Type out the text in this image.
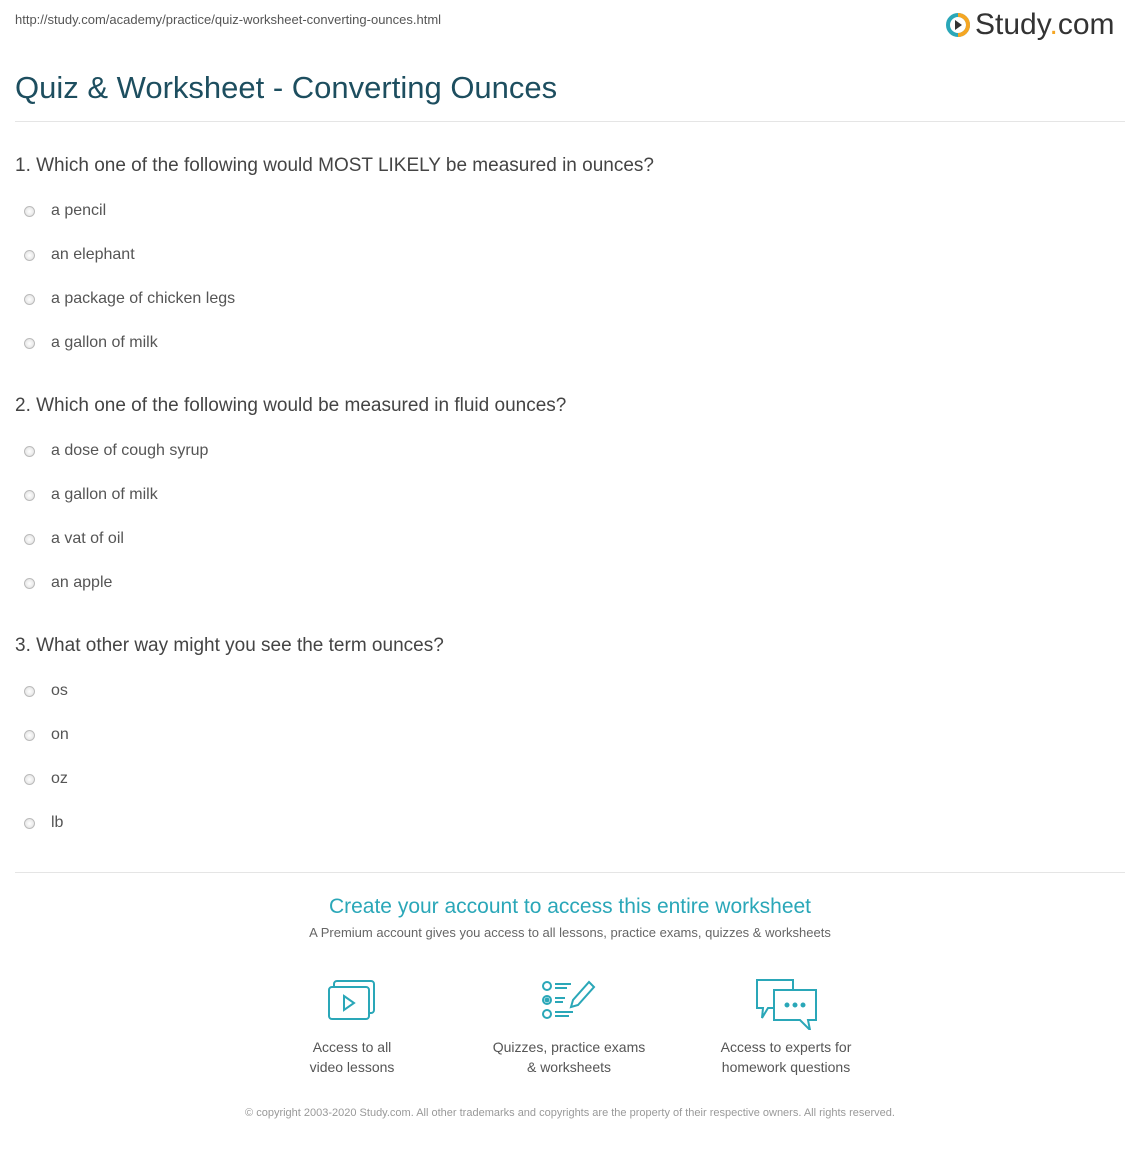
http://study.com/academy/practice/quiz-worksheet-converting-ounces.html	Study.com
Quiz & Worksheet - Converting Ounces
1. Which one of the following would MOST LIKELY be measured in ounces?
a pencil
an elephant
a package of chicken legs
a gallon of milk
2. Which one of the following would be measured in fluid ounces?
a dose of cough syrup
a gallon of milk
a vat of oil
an apple
3. What other way might you see the term ounces?
os
on
oz
lb
Create your account to access this entire worksheet
A Premium account gives you access to all lessons, practice exams, quizzes & worksheets
Access to all
video lessons
Quizzes, practice exams
& worksheets
Access to experts for
homework questions
© copyright 2003-2020 Study.com. All other trademarks and copyrights are the property of their respective owners. All rights reserved.
